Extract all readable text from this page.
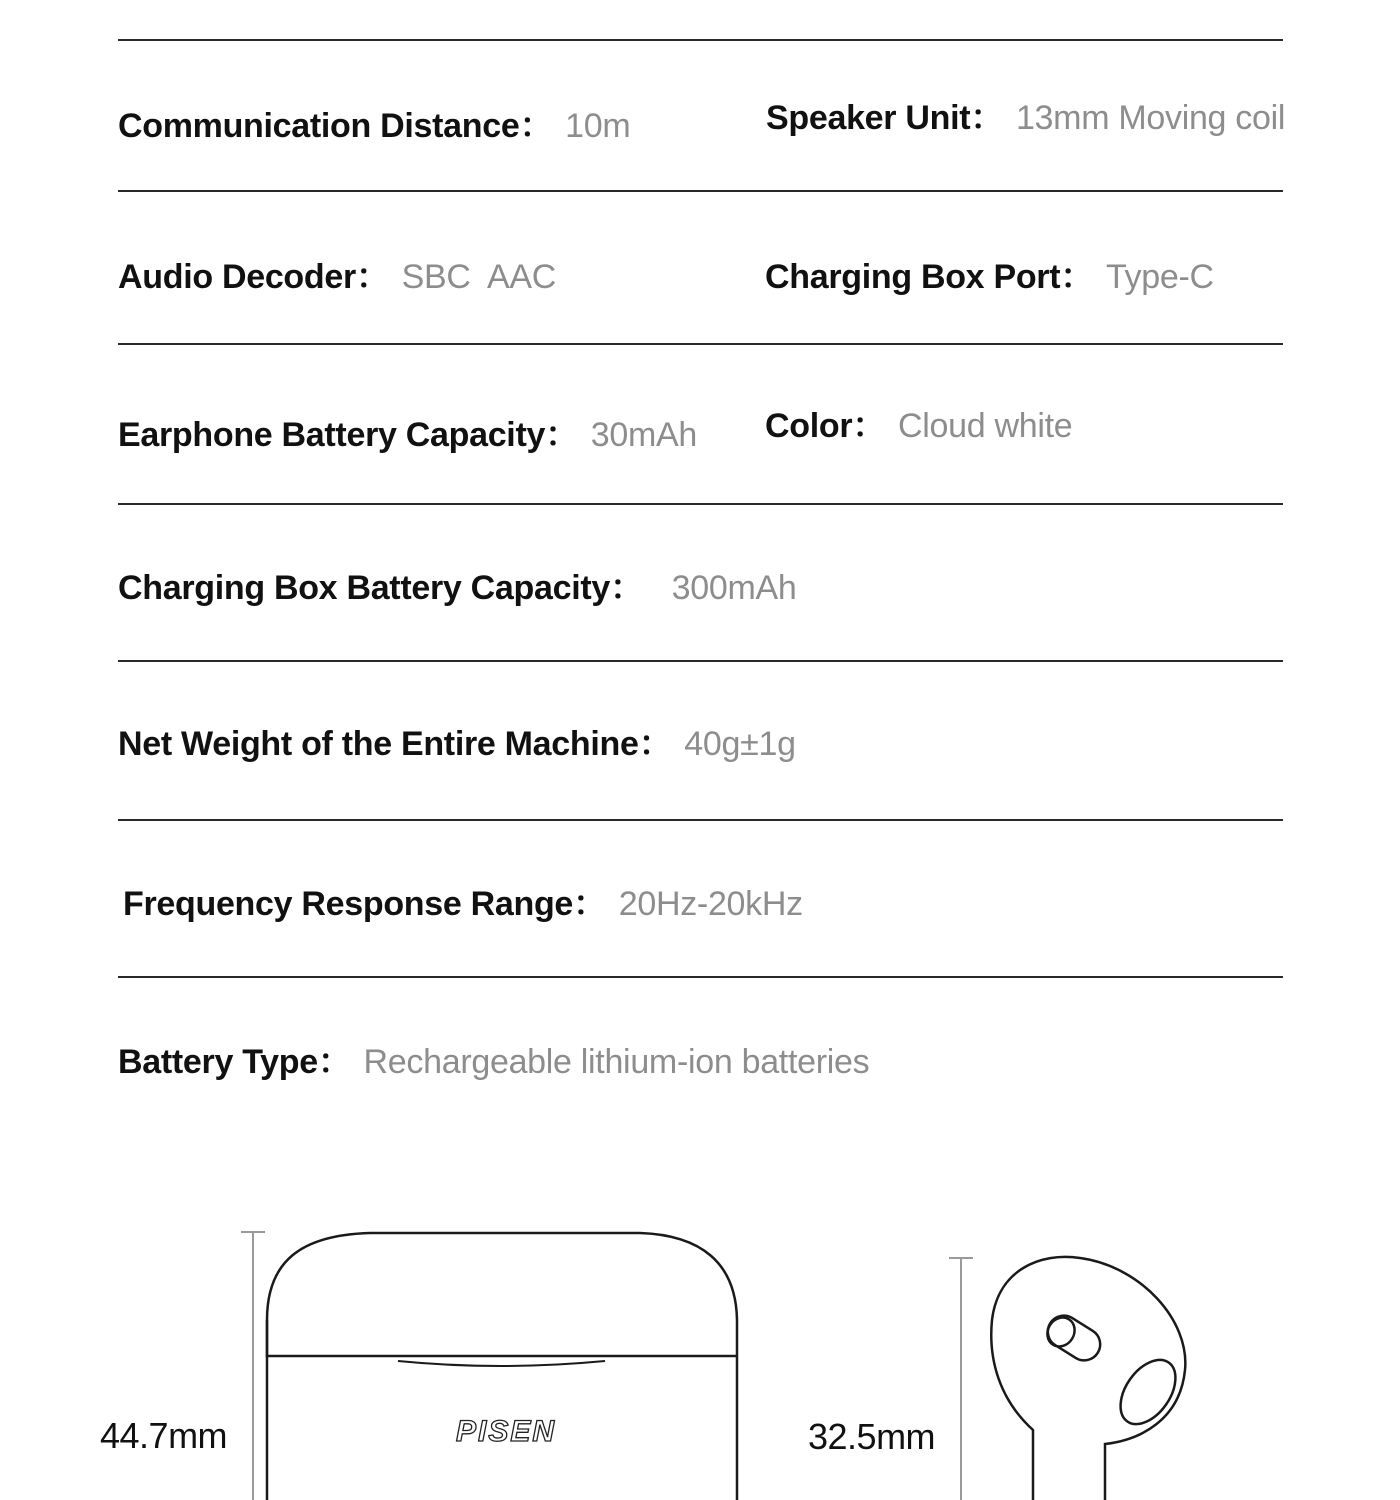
Communication Distance： 10m	Speaker Unit： 13mm Moving coil
Audio Decoder： SBC  AAC	Charging Box Port： Type-C
Earphone Battery Capacity： 30mAh Color： Cloud white
Charging Box Battery Capacity： 300mAh
Net Weight of the Entire Machine： 40g±1g
Frequency Response Range： 20Hz-20kHz
Battery Type： Rechargeable lithium-ion batteries
44.7mm	32.5mm
PISEN
